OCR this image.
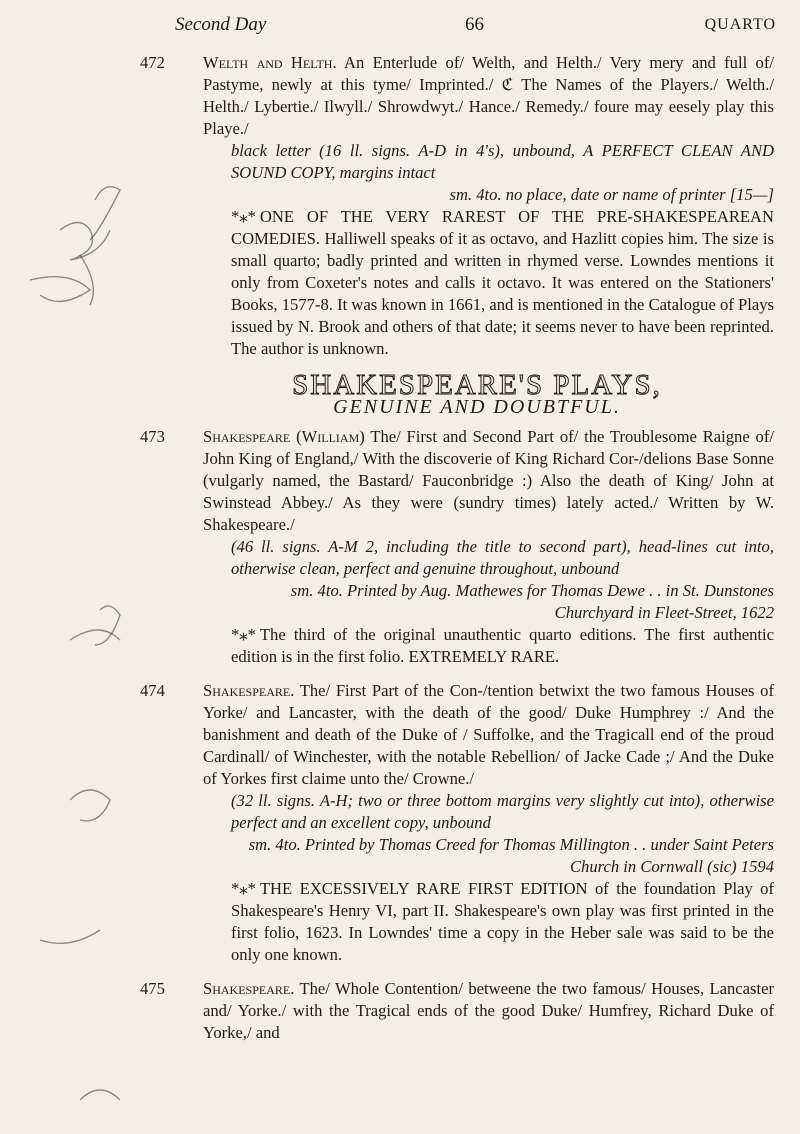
Second Day	66	QUARTO
472 Welth and Helth. An Enterlude of/ Welth, and Helth./ Very mery and full of/ Pastyme, newly at this tyme/ Imprinted./ ℭ The Names of the Players./ Welth./ Helth./ Lybertie./ Ilwyll./ Shrowdwyt./ Hance./ Remedy./ foure may eesely play this Playe./
black letter (16 ll. signs. A-D in 4's), unbound, A PERFECT CLEAN AND SOUND COPY, margins intact
sm. 4to. no place, date or name of printer [15—]
*⁎* ONE OF THE VERY RAREST OF THE PRE-SHAKESPEAREAN COMEDIES. Halliwell speaks of it as octavo, and Hazlitt copies him. The size is small quarto; badly printed and written in rhymed verse. Lowndes mentions it only from Coxeter's notes and calls it octavo. It was entered on the Stationers' Books, 1577-8. It was known in 1661, and is mentioned in the Catalogue of Plays issued by N. Brook and others of that date; it seems never to have been reprinted. The author is unknown.
SHAKESPEARE'S PLAYS,
GENUINE AND DOUBTFUL.
473 Shakespeare (William) The/ First and Second Part of/ the Troublesome Raigne of/ John King of England,/ With the discoverie of King Richard Cor-/delions Base Sonne (vulgarly named, the Bastard/ Fauconbridge :) Also the death of King/ John at Swinstead Abbey./ As they were (sundry times) lately acted./ Written by W. Shakespeare./
(46 ll. signs. A-M 2, including the title to second part), head-lines cut into, otherwise clean, perfect and genuine throughout, unbound
sm. 4to. Printed by Aug. Mathewes for Thomas Dewe . . in St. Dunstones Churchyard in Fleet-Street, 1622
*⁎* The third of the original unauthentic quarto editions. The first authentic edition is in the first folio. EXTREMELY RARE.
474 Shakespeare. The/ First Part of the Con-/tention betwixt the two famous Houses of Yorke/ and Lancaster, with the death of the good/ Duke Humphrey :/ And the banishment and death of the Duke of / Suffolke, and the Tragicall end of the proud Cardinall/ of Winchester, with the notable Rebellion/ of Jacke Cade ;/ And the Duke of Yorkes first claime unto the/ Crowne./
(32 ll. signs. A-H; two or three bottom margins very slightly cut into), otherwise perfect and an excellent copy, unbound
sm. 4to. Printed by Thomas Creed for Thomas Millington . . under Saint Peters Church in Cornwall (sic) 1594
*⁎* THE EXCESSIVELY RARE FIRST EDITION of the foundation Play of Shakespeare's Henry VI, part II. Shakespeare's own play was first printed in the first folio, 1623. In Lowndes' time a copy in the Heber sale was said to be the only one known.
475 Shakespeare. The/ Whole Contention/ betweene the two famous/ Houses, Lancaster and/ Yorke./ with the Tragical ends of the good Duke/ Humfrey, Richard Duke of Yorke,/ and
